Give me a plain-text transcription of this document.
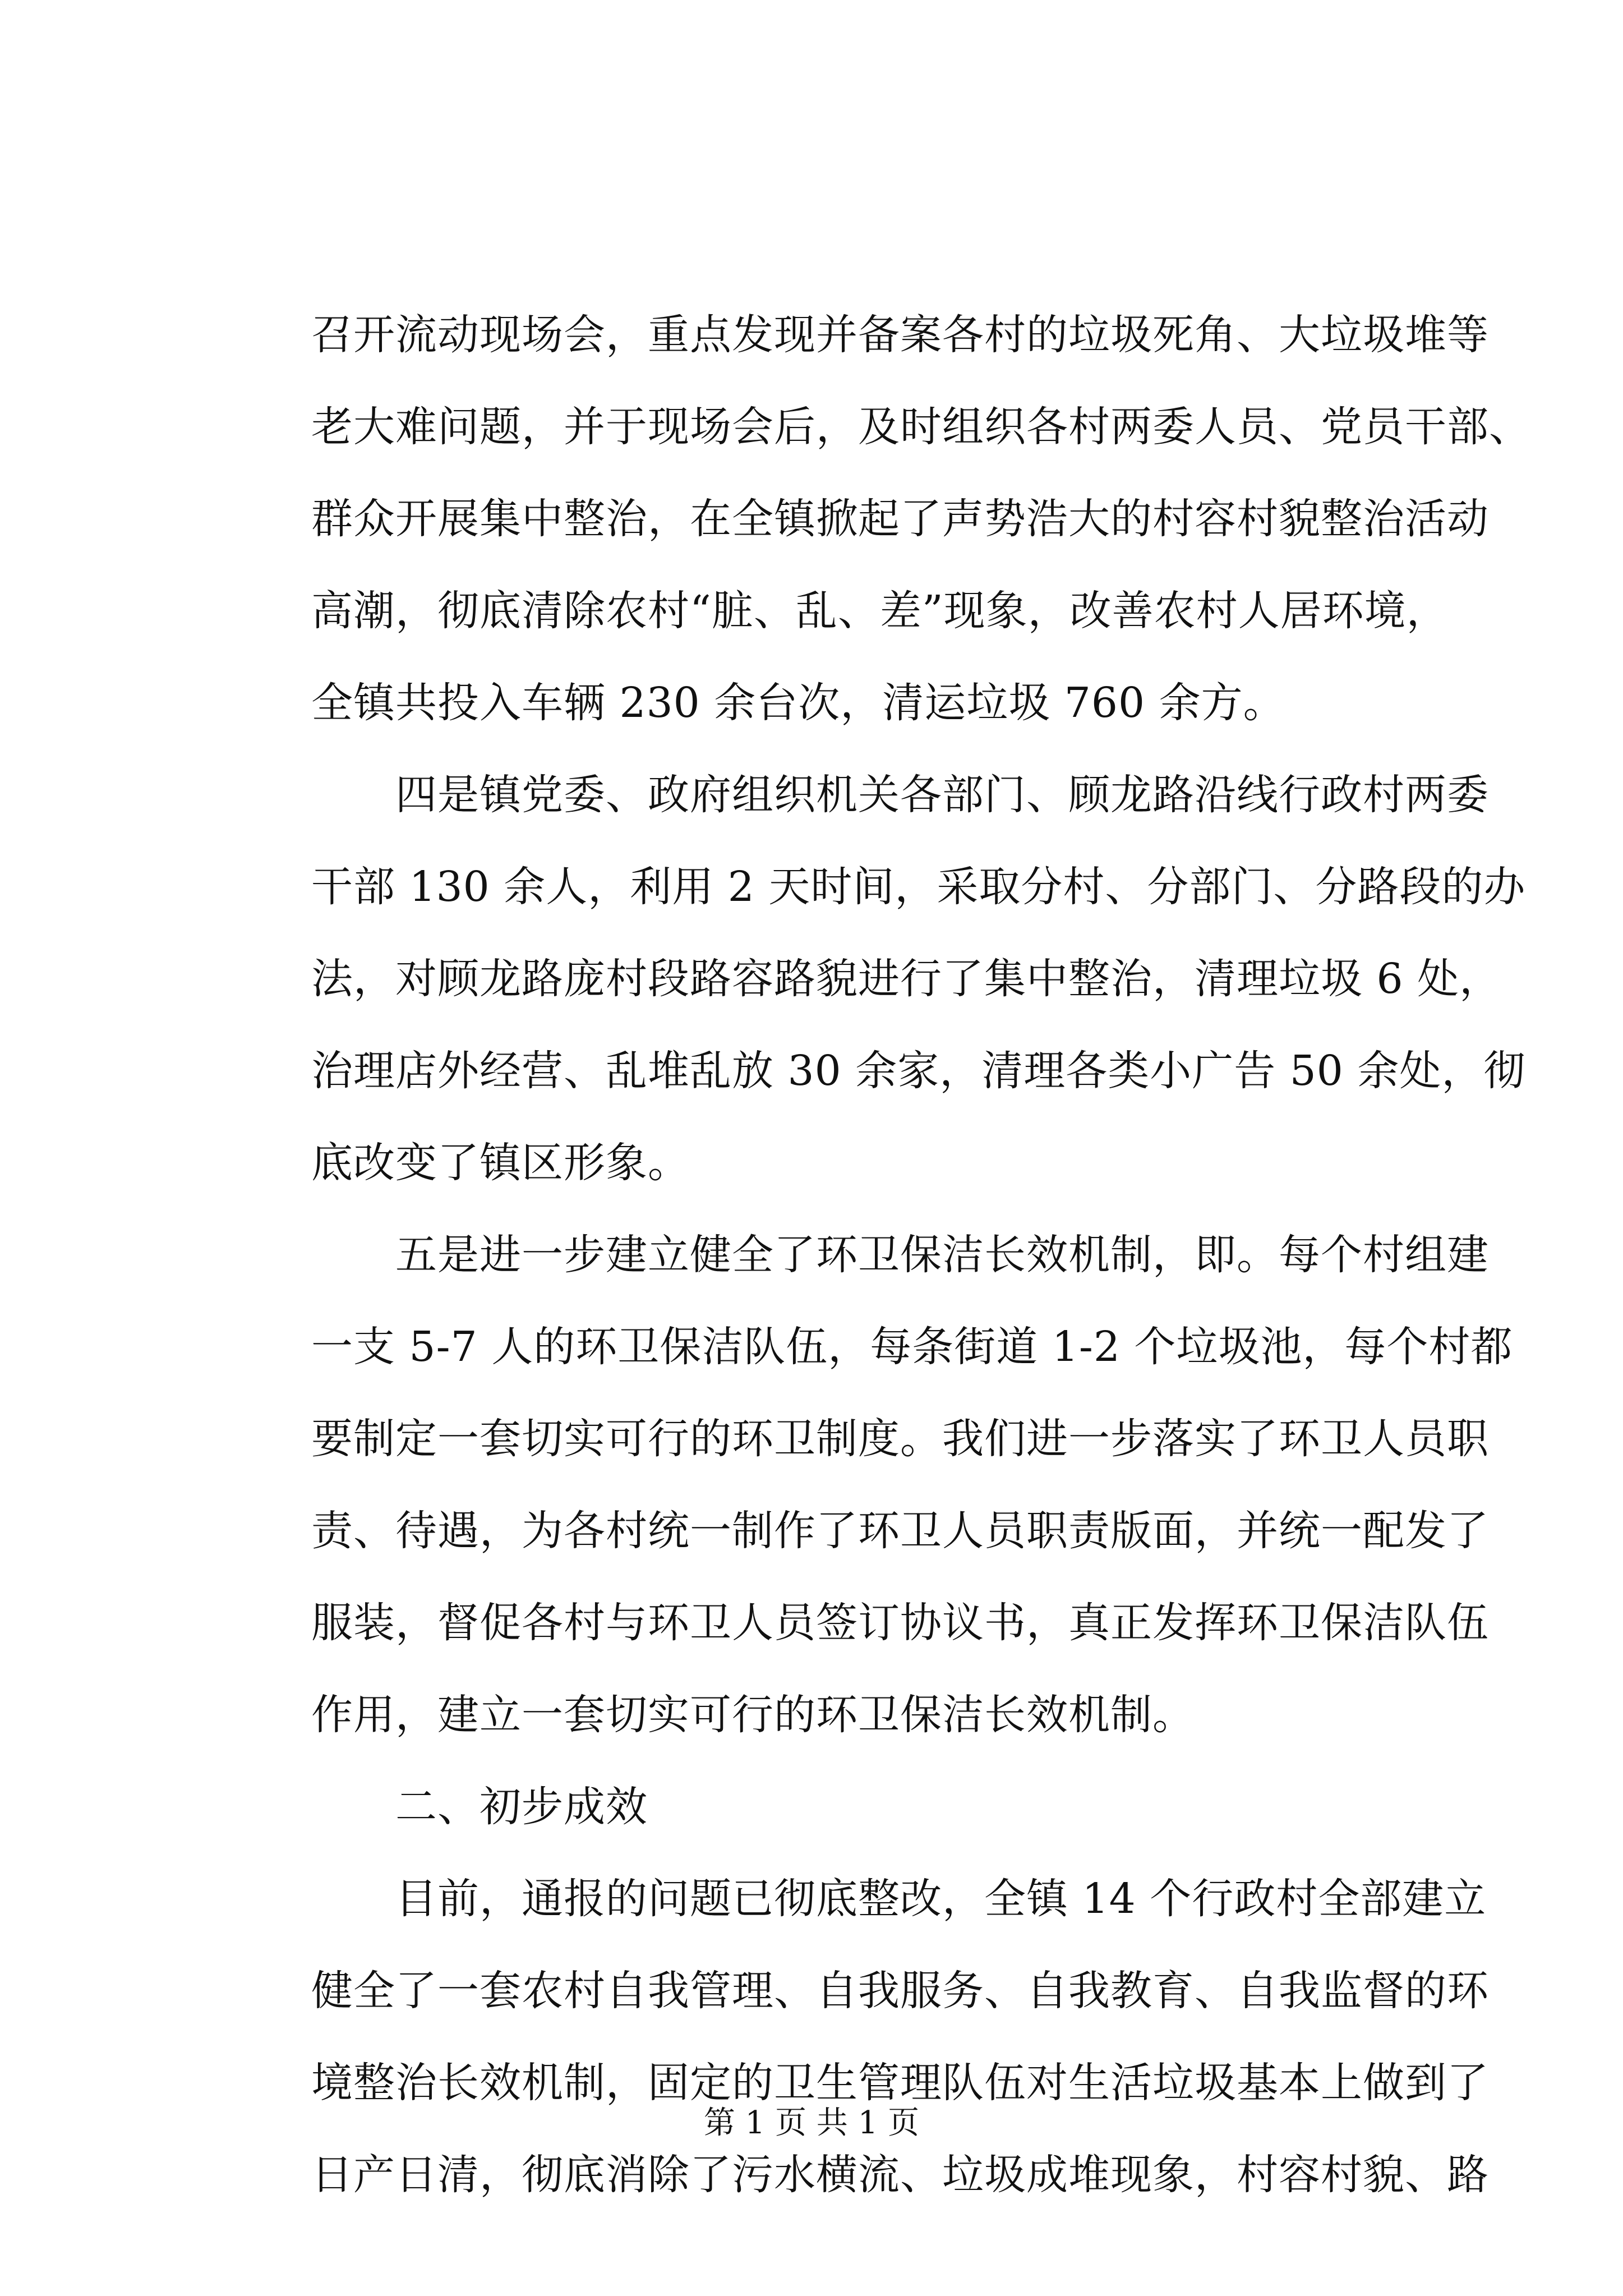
召开流动现场会，重点发现并备案各村的垃圾死角、大垃圾堆等
老大难问题，并于现场会后，及时组织各村两委人员、党员干部、
群众开展集中整治，在全镇掀起了声势浩大的村容村貌整治活动
高潮，彻底清除农村“脏、乱、差”现象，改善农村人居环境，
全镇共投入车辆 230 余台次，清运垃圾 760 余方。
四是镇党委、政府组织机关各部门、顾龙路沿线行政村两委
干部 130 余人，利用 2 天时间，采取分村、分部门、分路段的办
法，对顾龙路庞村段路容路貌进行了集中整治，清理垃圾 6 处，
治理店外经营、乱堆乱放 30 余家，清理各类小广告 50 余处，彻
底改变了镇区形象。
五是进一步建立健全了环卫保洁长效机制，即。每个村组建
一支 5-7 人的环卫保洁队伍，每条街道 1-2 个垃圾池，每个村都
要制定一套切实可行的环卫制度。我们进一步落实了环卫人员职
责、待遇，为各村统一制作了环卫人员职责版面，并统一配发了
服装，督促各村与环卫人员签订协议书，真正发挥环卫保洁队伍
作用，建立一套切实可行的环卫保洁长效机制。
二、初步成效
目前，通报的问题已彻底整改，全镇 14 个行政村全部建立
健全了一套农村自我管理、自我服务、自我教育、自我监督的环
境整治长效机制，固定的卫生管理队伍对生活垃圾基本上做到了
日产日清，彻底消除了污水横流、垃圾成堆现象，村容村貌、路
第 1 页 共 1 页
